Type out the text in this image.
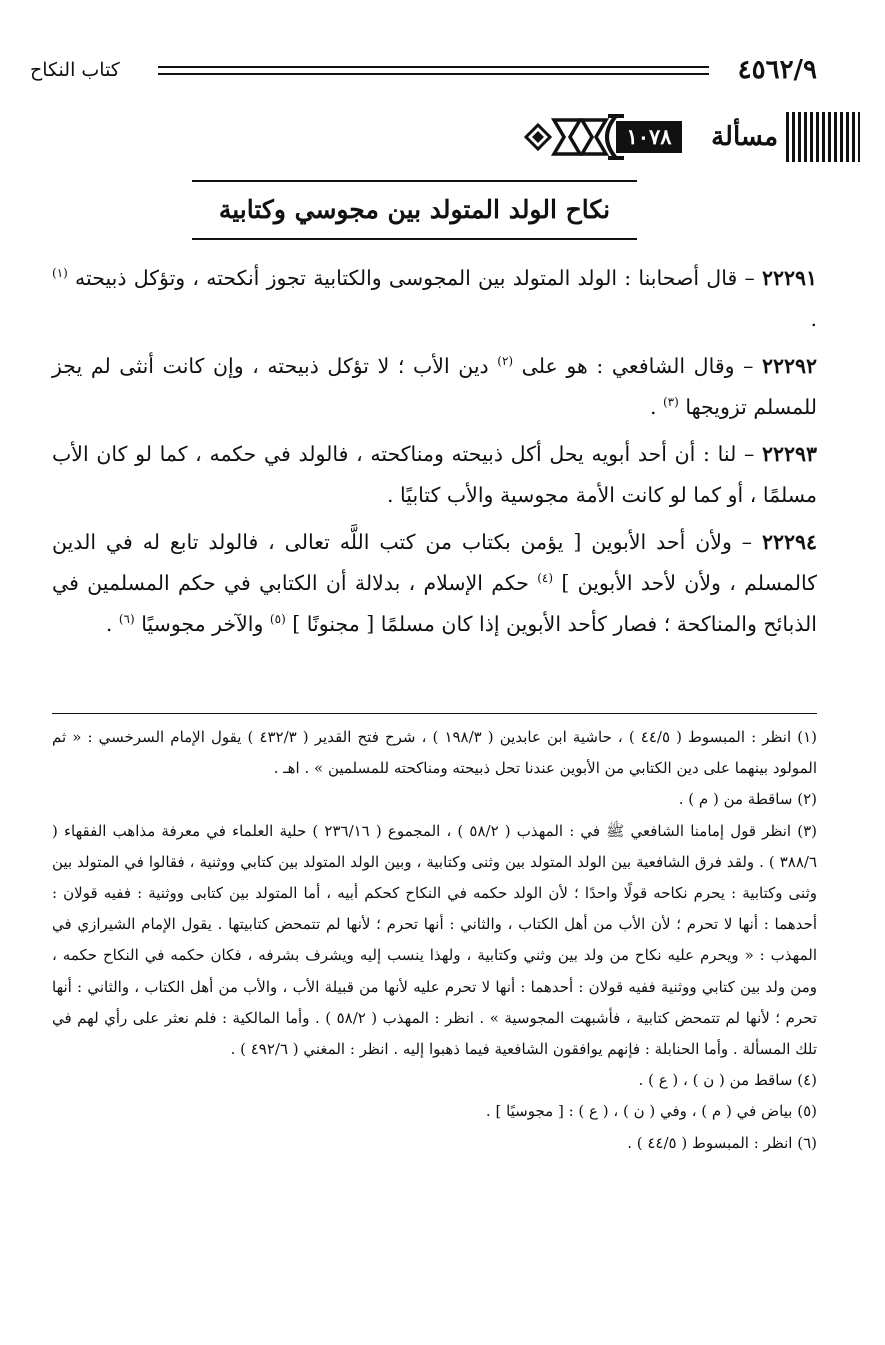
٤٥٦٢/٩
كتاب النكاح
مسألة
١٠٧٨
نكاح الولد المتولد بين مجوسي وكتابية

٢٢٢٩١ – قال أصحابنا : الولد المتولد بين المجوسى والكتابية تجوز أنكحته ، وتؤكل ذبيحته $^{(١)}$ .

٢٢٢٩٢ – وقال الشافعي : هو على $^{(٢)}$ دين الأب ؛ لا تؤكل ذبيحته ، وإن كانت أنثى لم يجز للمسلم تزويجها $^{(٣)}$ .

٢٢٢٩٣ – لنا : أن أحد أبويه يحل أكل ذبيحته ومناكحته ، فالولد في حكمه ، كما لو كان الأب مسلمًا ، أو كما لو كانت الأمة مجوسية والأب كتابيًا .

٢٢٢٩٤ – ولأن أحد الأبوين [ يؤمن بكتاب من كتب اللَّه تعالى ، فالولد تابع له في الدين كالمسلم ، ولأن لأحد الأبوين ] $^{(٤)}$ حكم الإسلام ، بدلالة أن الكتابي في حكم المسلمين في الذبائح والمناكحة ؛ فصار كأحد الأبوين إذا كان مسلمًا [ مجنونًا ] $^{(٥)}$ والآخر مجوسيًا $^{(٦)}$ .

(١) انظر : المبسوط ( ٤٤/٥ ) ، حاشية ابن عابدين ( ١٩٨/٣ ) ، شرح فتح القدير ( ٤٣٢/٣ ) يقول الإمام السرخسي : « ثم المولود بينهما على دين الكتابي من الأبوين عندنا تحل ذبيحته ومناكحته للمسلمين » . اهـ .

(٢) ساقطة من ( م ) .

(٣) انظر قول إمامنا الشافعي ﷺ في : المهذب ( ٥٨/٢ ) ، المجموع ( ٢٣٦/١٦ ) حلية العلماء في معرفة مذاهب الفقهاء ( ٣٨٨/٦ ) . ولقد فرق الشافعية بين الولد المتولد بين وثنى وكتابية ، وبين الولد المتولد بين كتابي ووثنية ، فقالوا في المتولد بين وثنى وكتابية : يحرم نكاحه قولًا واحدًا ؛ لأن الولد حكمه في النكاح كحكم أبيه ، أما المتولد بين كتابى ووثنية : ففيه قولان : أحدهما : أنها لا تحرم ؛ لأن الأب من أهل الكتاب ، والثاني : أنها تحرم ؛ لأنها لم تتمحض كتابيتها . يقول الإمام الشيرازي في المهذب : « ويحرم عليه نكاح من ولد بين وثني وكتابية ، ولهذا ينسب إليه ويشرف بشرفه ، فكان حكمه في النكاح حكمه ، ومن ولد بين كتابي ووثنية ففيه قولان : أحدهما : أنها لا تحرم عليه لأنها من قبيلة الأب ، والأب من أهل الكتاب ، والثاني : أنها تحرم ؛ لأنها لم تتمحض كتابية ، فأشبهت المجوسية » . انظر : المهذب ( ٥٨/٢ ) . وأما المالكية : فلم نعثر على رأي لهم في تلك المسألة . وأما الحنابلة : فإنهم يوافقون الشافعية فيما ذهبوا إليه . انظر : المغني ( ٤٩٢/٦ ) .

(٤) ساقط من ( ن ) ، ( ع ) .

(٥) بياض في ( م ) ، وفي ( ن ) ، ( ع ) : [ مجوسيًا ] .

(٦) انظر : المبسوط ( ٤٤/٥ ) .
